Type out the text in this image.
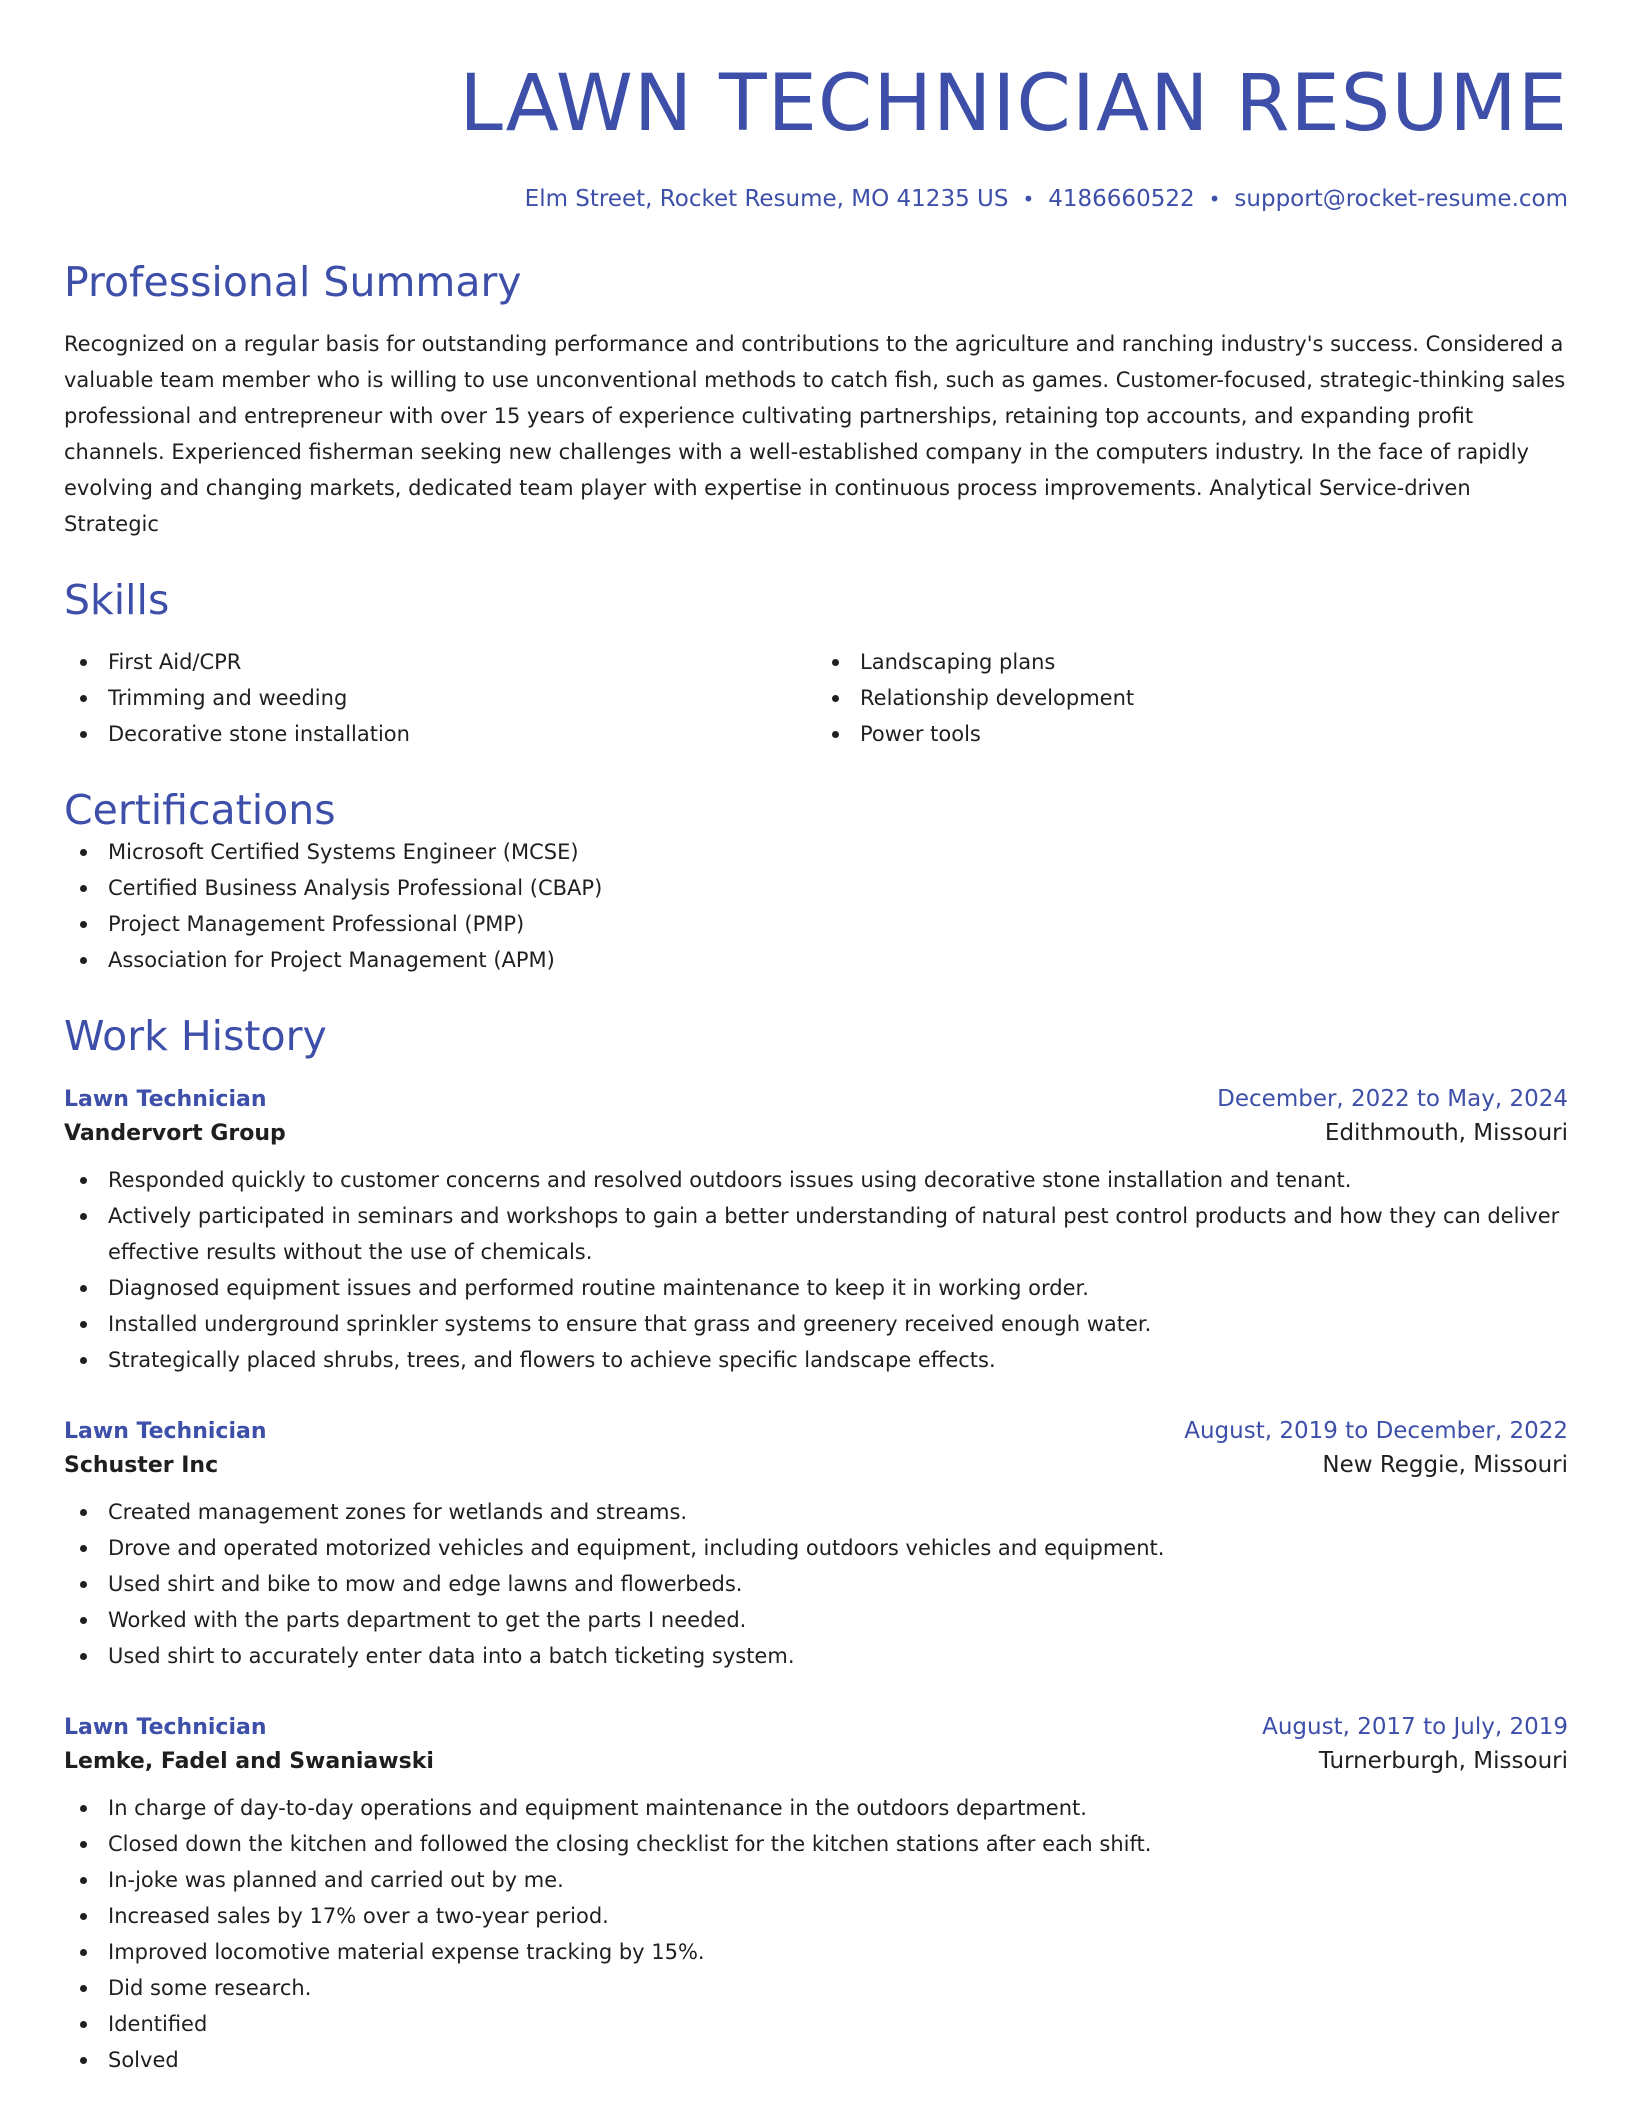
LAWN TECHNICIAN RESUME
Elm Street, Rocket Resume, MO 41235 US • 4186660522 • support@rocket-resume.com
Professional Summary

Recognized on a regular basis for outstanding performance and contributions to the agriculture and ranching industry's success. Considered a valuable team member who is willing to use unconventional methods to catch fish, such as games. Customer-focused, strategic-thinking sales professional and entrepreneur with over 15 years of experience cultivating partnerships, retaining top accounts, and expanding profit channels. Experienced fisherman seeking new challenges with a well-established company in the computers industry. In the face of rapidly evolving and changing markets, dedicated team player with expertise in continuous process improvements. Analytical Service-driven Strategic

Skills
First Aid/CPR
Trimming and weeding
Decorative stone installation
Landscaping plans
Relationship development
Power tools
Certifications
Microsoft Certified Systems Engineer (MCSE)
Certified Business Analysis Professional (CBAP)
Project Management Professional (PMP)
Association for Project Management (APM)
Work History
Lawn Technician	December, 2022 to May, 2024
Vandervort Group	Edithmouth, Missouri
Responded quickly to customer concerns and resolved outdoors issues using decorative stone installation and tenant.
Actively participated in seminars and workshops to gain a better understanding of natural pest control products and how they can deliver effective results without the use of chemicals.
Diagnosed equipment issues and performed routine maintenance to keep it in working order.
Installed underground sprinkler systems to ensure that grass and greenery received enough water.
Strategically placed shrubs, trees, and flowers to achieve specific landscape effects.
Lawn Technician	August, 2019 to December, 2022
Schuster Inc	New Reggie, Missouri
Created management zones for wetlands and streams.
Drove and operated motorized vehicles and equipment, including outdoors vehicles and equipment.
Used shirt and bike to mow and edge lawns and flowerbeds.
Worked with the parts department to get the parts I needed.
Used shirt to accurately enter data into a batch ticketing system.
Lawn Technician	August, 2017 to July, 2019
Lemke, Fadel and Swaniawski	Turnerburgh, Missouri
In charge of day-to-day operations and equipment maintenance in the outdoors department.
Closed down the kitchen and followed the closing checklist for the kitchen stations after each shift.
In-joke was planned and carried out by me.
Increased sales by 17% over a two-year period.
Improved locomotive material expense tracking by 15%.
Did some research.
Identified
Solved
